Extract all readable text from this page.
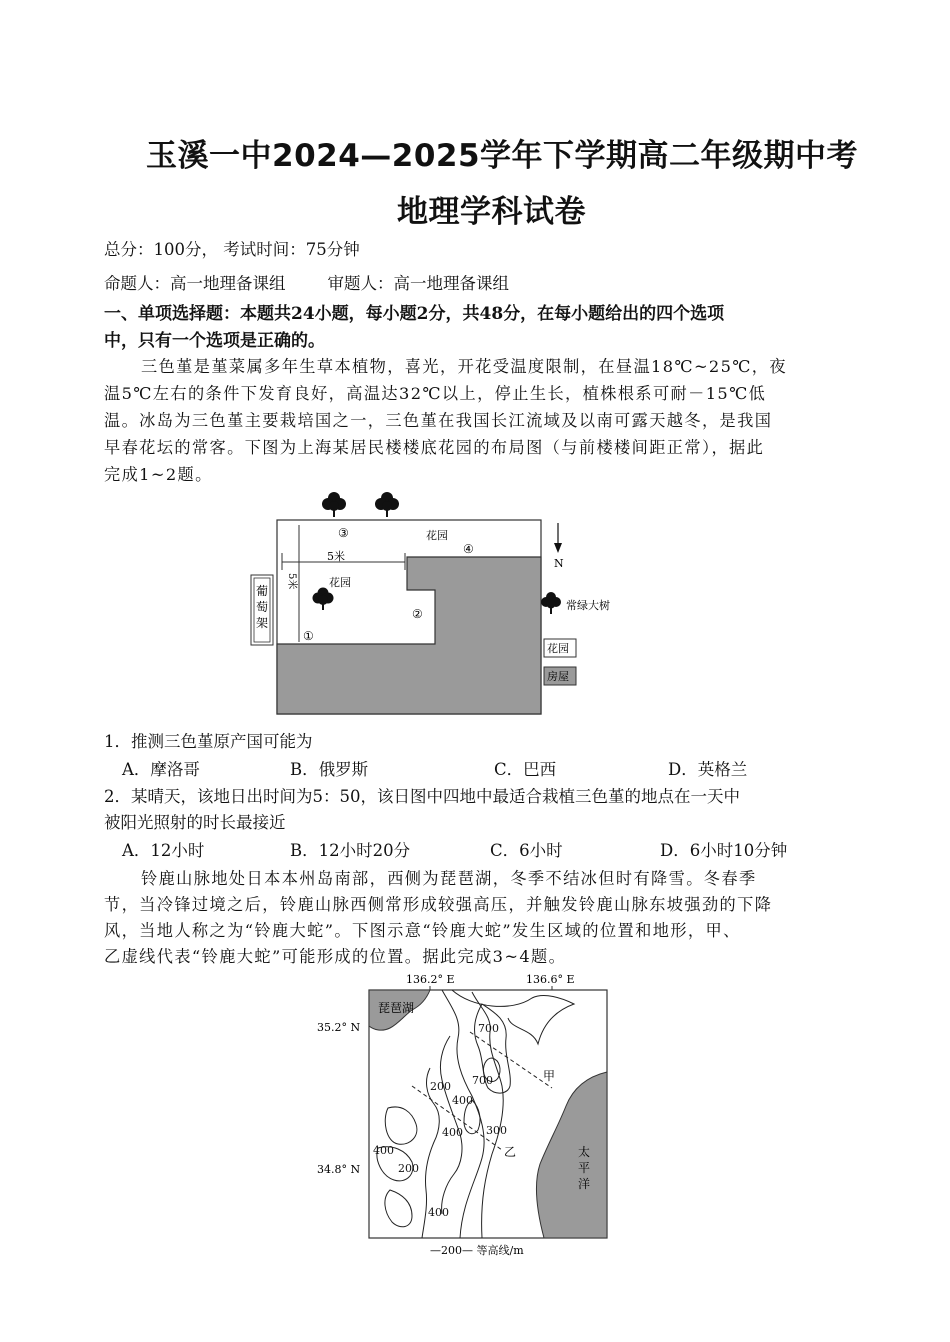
玉溪一中2024—2025学年下学期高二年级期中考
地理学科试卷
总分：100分， 考试时间：75分钟
命题人：高一地理备课组        审题人：高一地理备课组
一、单项选择题：本题共24小题，每小题2分，共48分，在每小题给出的四个选项
中，只有一个选项是正确的。
三色堇是堇菜属多年生草本植物，喜光，开花受温度限制，在昼温18℃~25℃，夜
温5℃左右的条件下发育良好，高温达32℃以上，停止生长，植株根系可耐－15℃低
温。冰岛为三色堇主要栽培国之一，三色堇在我国长江流域及以南可露天越冬，是我国
早春花坛的常客。下图为上海某居民楼楼底花园的布局图（与前楼楼间距正常），据此
完成1~2题。
5米
5米
③	花园
④
花园
②
①
葡萄架
N
常绿大树
花园
房屋
1．推测三色堇原产国可能为
A．摩洛哥	B．俄罗斯	C．巴西	D．英格兰
2．某晴天，该地日出时间为5：50，该日图中四地中最适合栽植三色堇的地点在一天中
被阳光照射的时长最接近
A．12小时	B．12小时20分	C．6小时	D．6小时10分钟
铃鹿山脉地处日本本州岛南部，西侧为琵琶湖，冬季不结冰但时有降雪。冬春季
节，当冷锋过境之后，铃鹿山脉西侧常形成较强高压，并触发铃鹿山脉东坡强劲的下降
风，当地人称之为“铃鹿大蛇”。下图示意“铃鹿大蛇”发生区域的位置和地形，甲、
乙虚线代表“铃鹿大蛇”可能形成的位置。据此完成3~4题。
136.2° E	136.6° E
35.2° N
34.8° N
琵琶湖
太
平
洋
甲
乙
700
700
200
400
400 300
400
200
400
—200— 等高线/m
